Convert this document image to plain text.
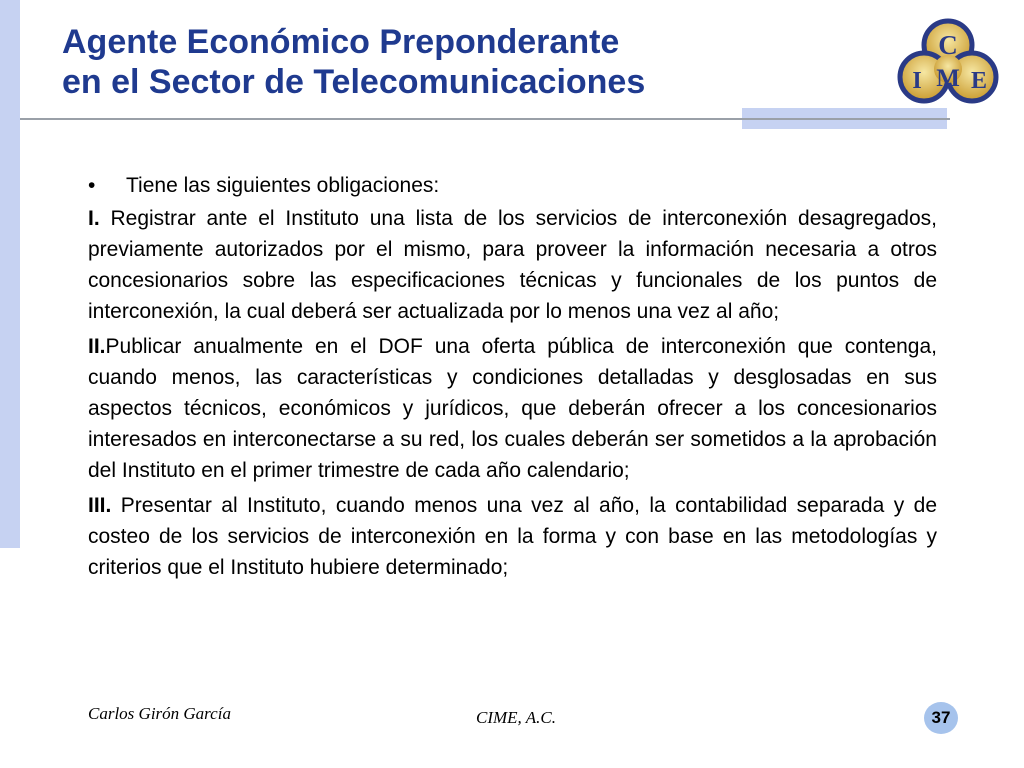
Agente Económico Preponderante
en el Sector de Telecomunicaciones
C
I M E
• Tiene las siguientes obligaciones:

I. Registrar ante el Instituto una lista de los servicios de interconexión desagregados, previamente autorizados por el mismo, para proveer la información necesaria a otros concesionarios sobre las especificaciones técnicas y funcionales de los puntos de interconexión, la cual deberá ser actualizada por lo menos una vez al año;

II.Publicar anualmente en el DOF una oferta pública de interconexión que contenga, cuando menos, las características y condiciones detalladas y desglosadas en sus aspectos técnicos, económicos y jurídicos, que deberán ofrecer a los concesionarios interesados en interconectarse a su red, los cuales deberán ser sometidos a la aprobación del Instituto en el primer trimestre de cada año calendario;

III. Presentar al Instituto, cuando menos una vez al año, la contabilidad separada y de costeo de los servicios de interconexión en la forma y con base en las metodologías y criterios que el Instituto hubiere determinado;

Carlos Girón García	CIME, A.C.	37
